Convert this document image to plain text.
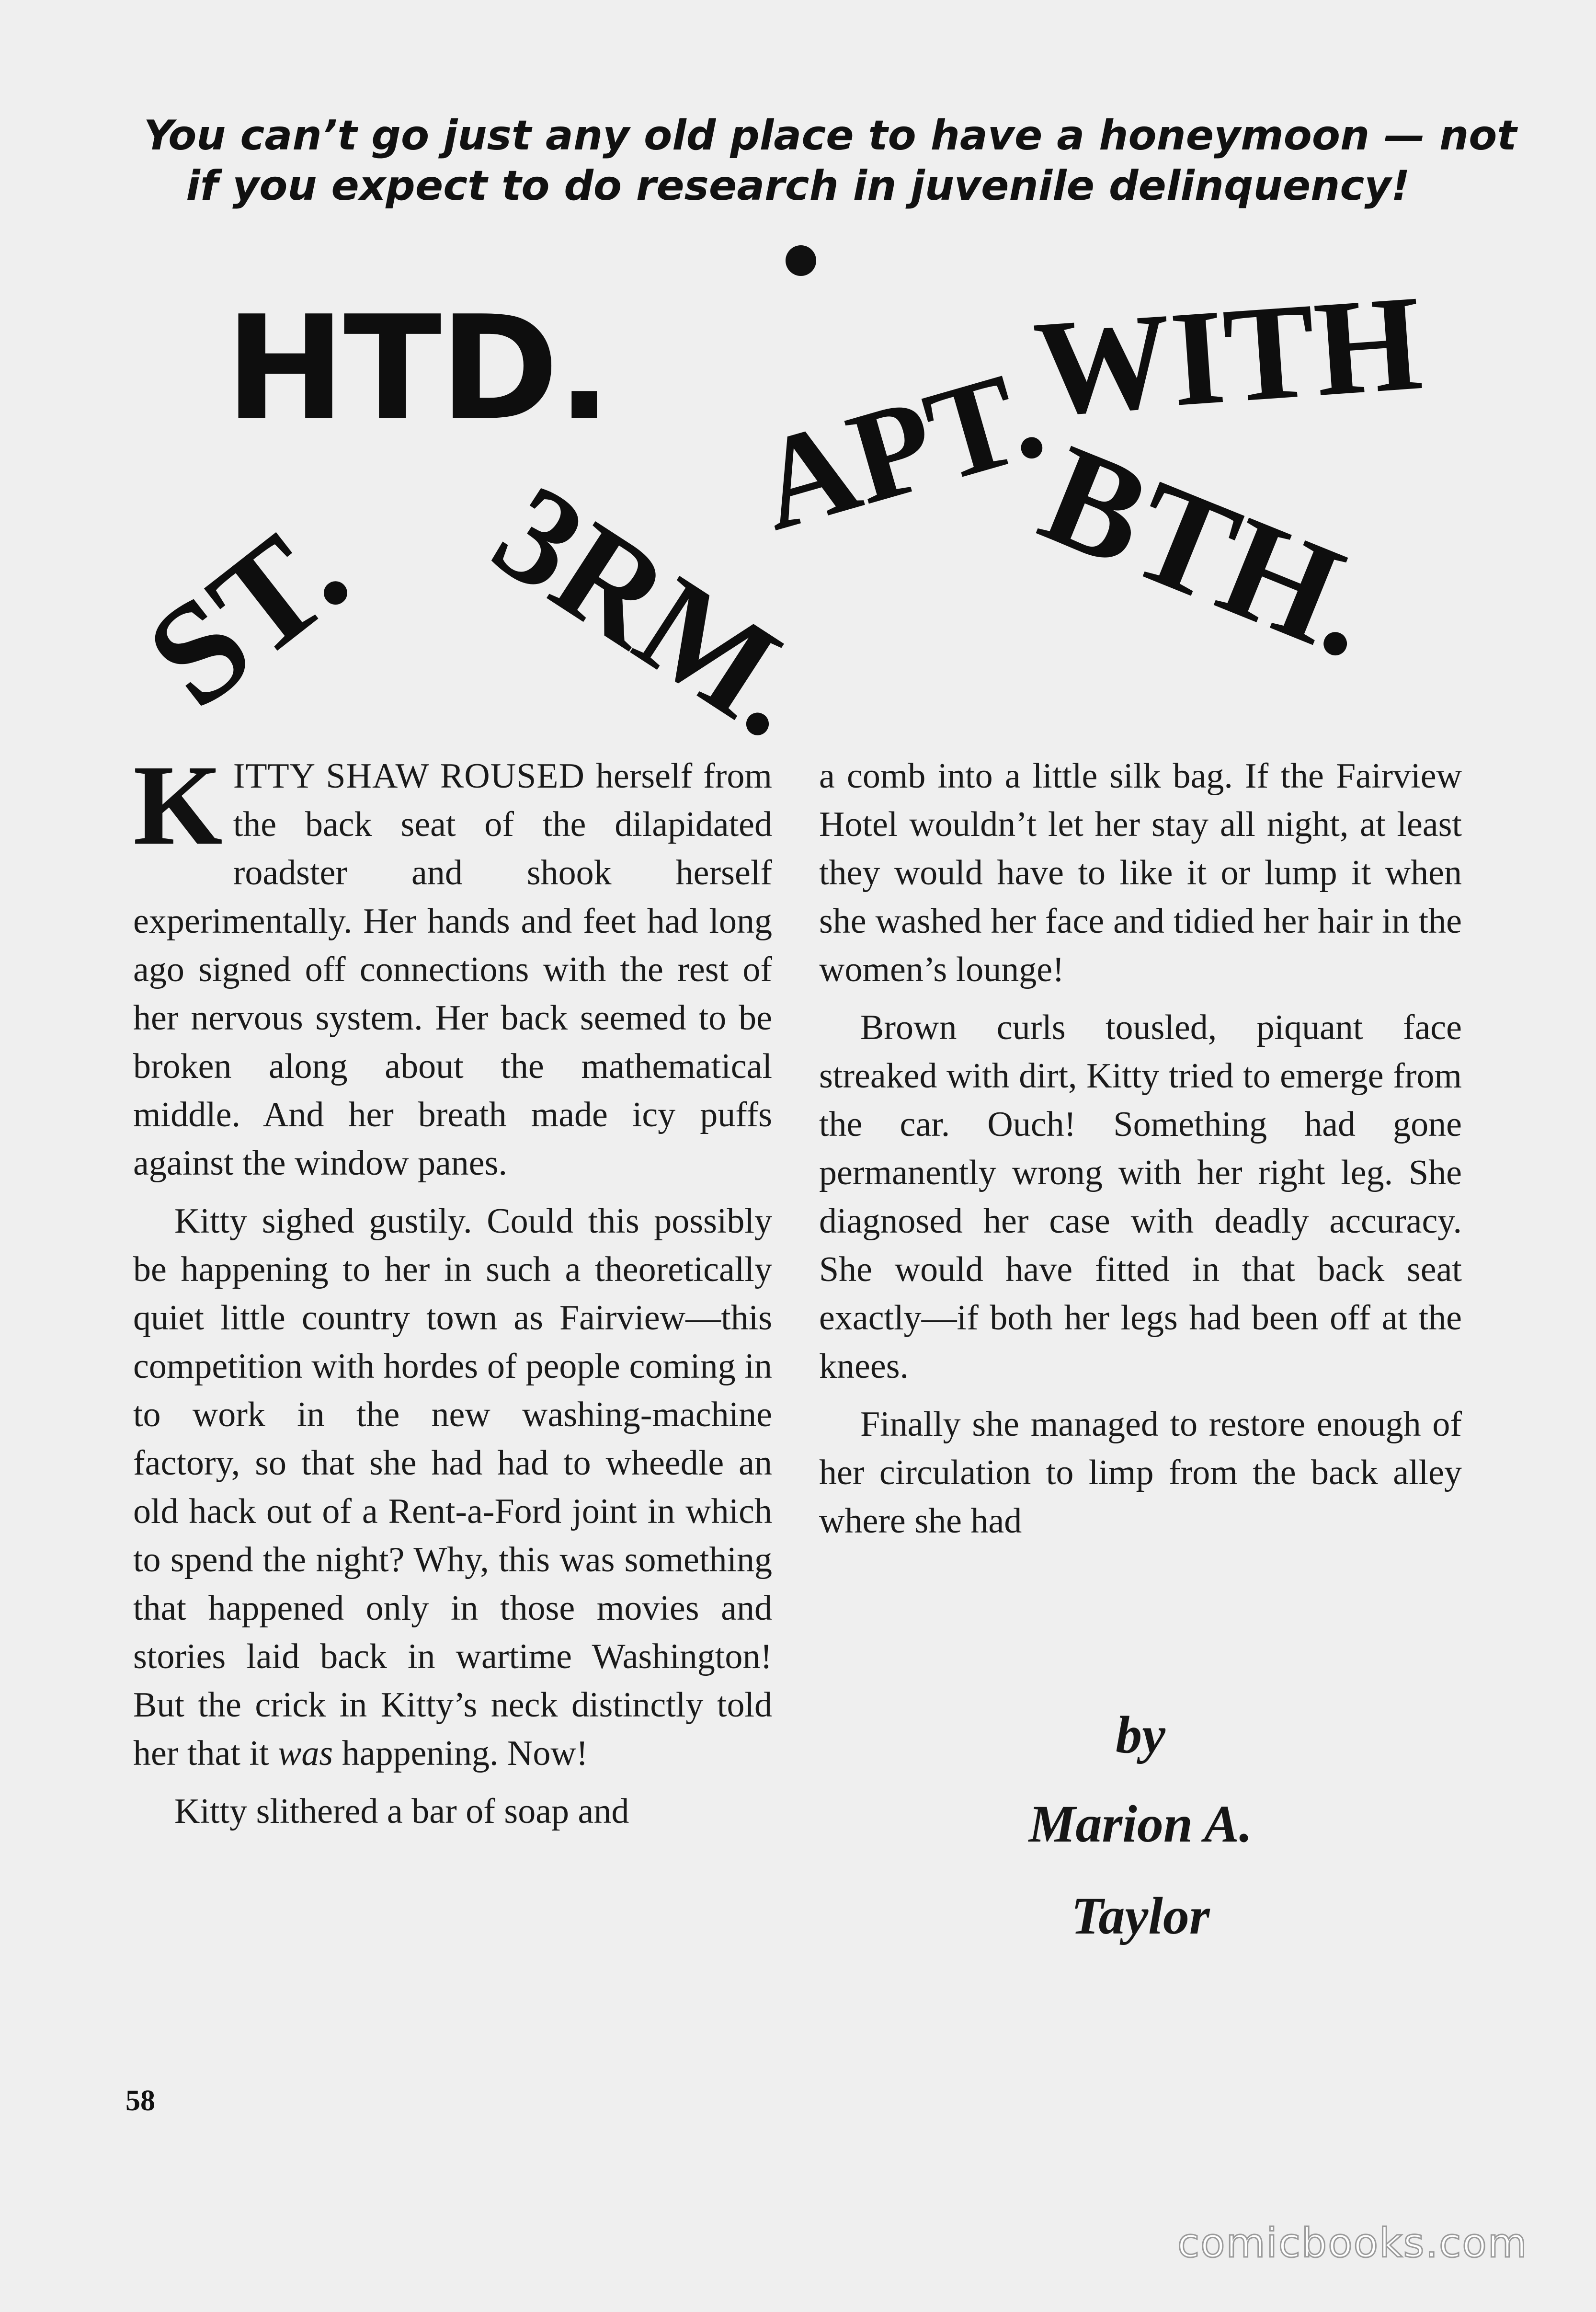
You can’t go just any old place to have a honeymoon — not
if you expect to do research in juvenile delinquency!
HTD.	WITH
APT.
BTH.
ST. 3RM.

KITTY SHAW ROUSED herself from the back seat of the dilapidated roadster and shook herself experimentally. Her hands and feet had long ago signed off connections with the rest of her nervous system. Her back seemed to be broken along about the mathematical middle. And her breath made icy puffs against the window panes.

Kitty sighed gustily. Could this possibly be happening to her in such a theoretically quiet little country town as Fairview—this competition with hordes of people coming in to work in the new washing-machine factory, so that she had had to wheedle an old hack out of a Rent-a-Ford joint in which to spend the night? Why, this was something that happened only in those movies and stories laid back in wartime Washington! But the crick in Kitty’s neck distinctly told her that it was happening. Now!

Kitty slithered a bar of soap and

a comb into a little silk bag. If the Fairview Hotel wouldn’t let her stay all night, at least they would have to like it or lump it when she washed her face and tidied her hair in the women’s lounge!

Brown curls tousled, piquant face streaked with dirt, Kitty tried to emerge from the car. Ouch! Something had gone permanently wrong with her right leg. She diagnosed her case with deadly accuracy. She would have fitted in that back seat exactly—if both her legs had been off at the knees.

Finally she managed to restore enough of her circulation to limp from the back alley where she had

by
Marion A.
Taylor
58
comicbooks.com
